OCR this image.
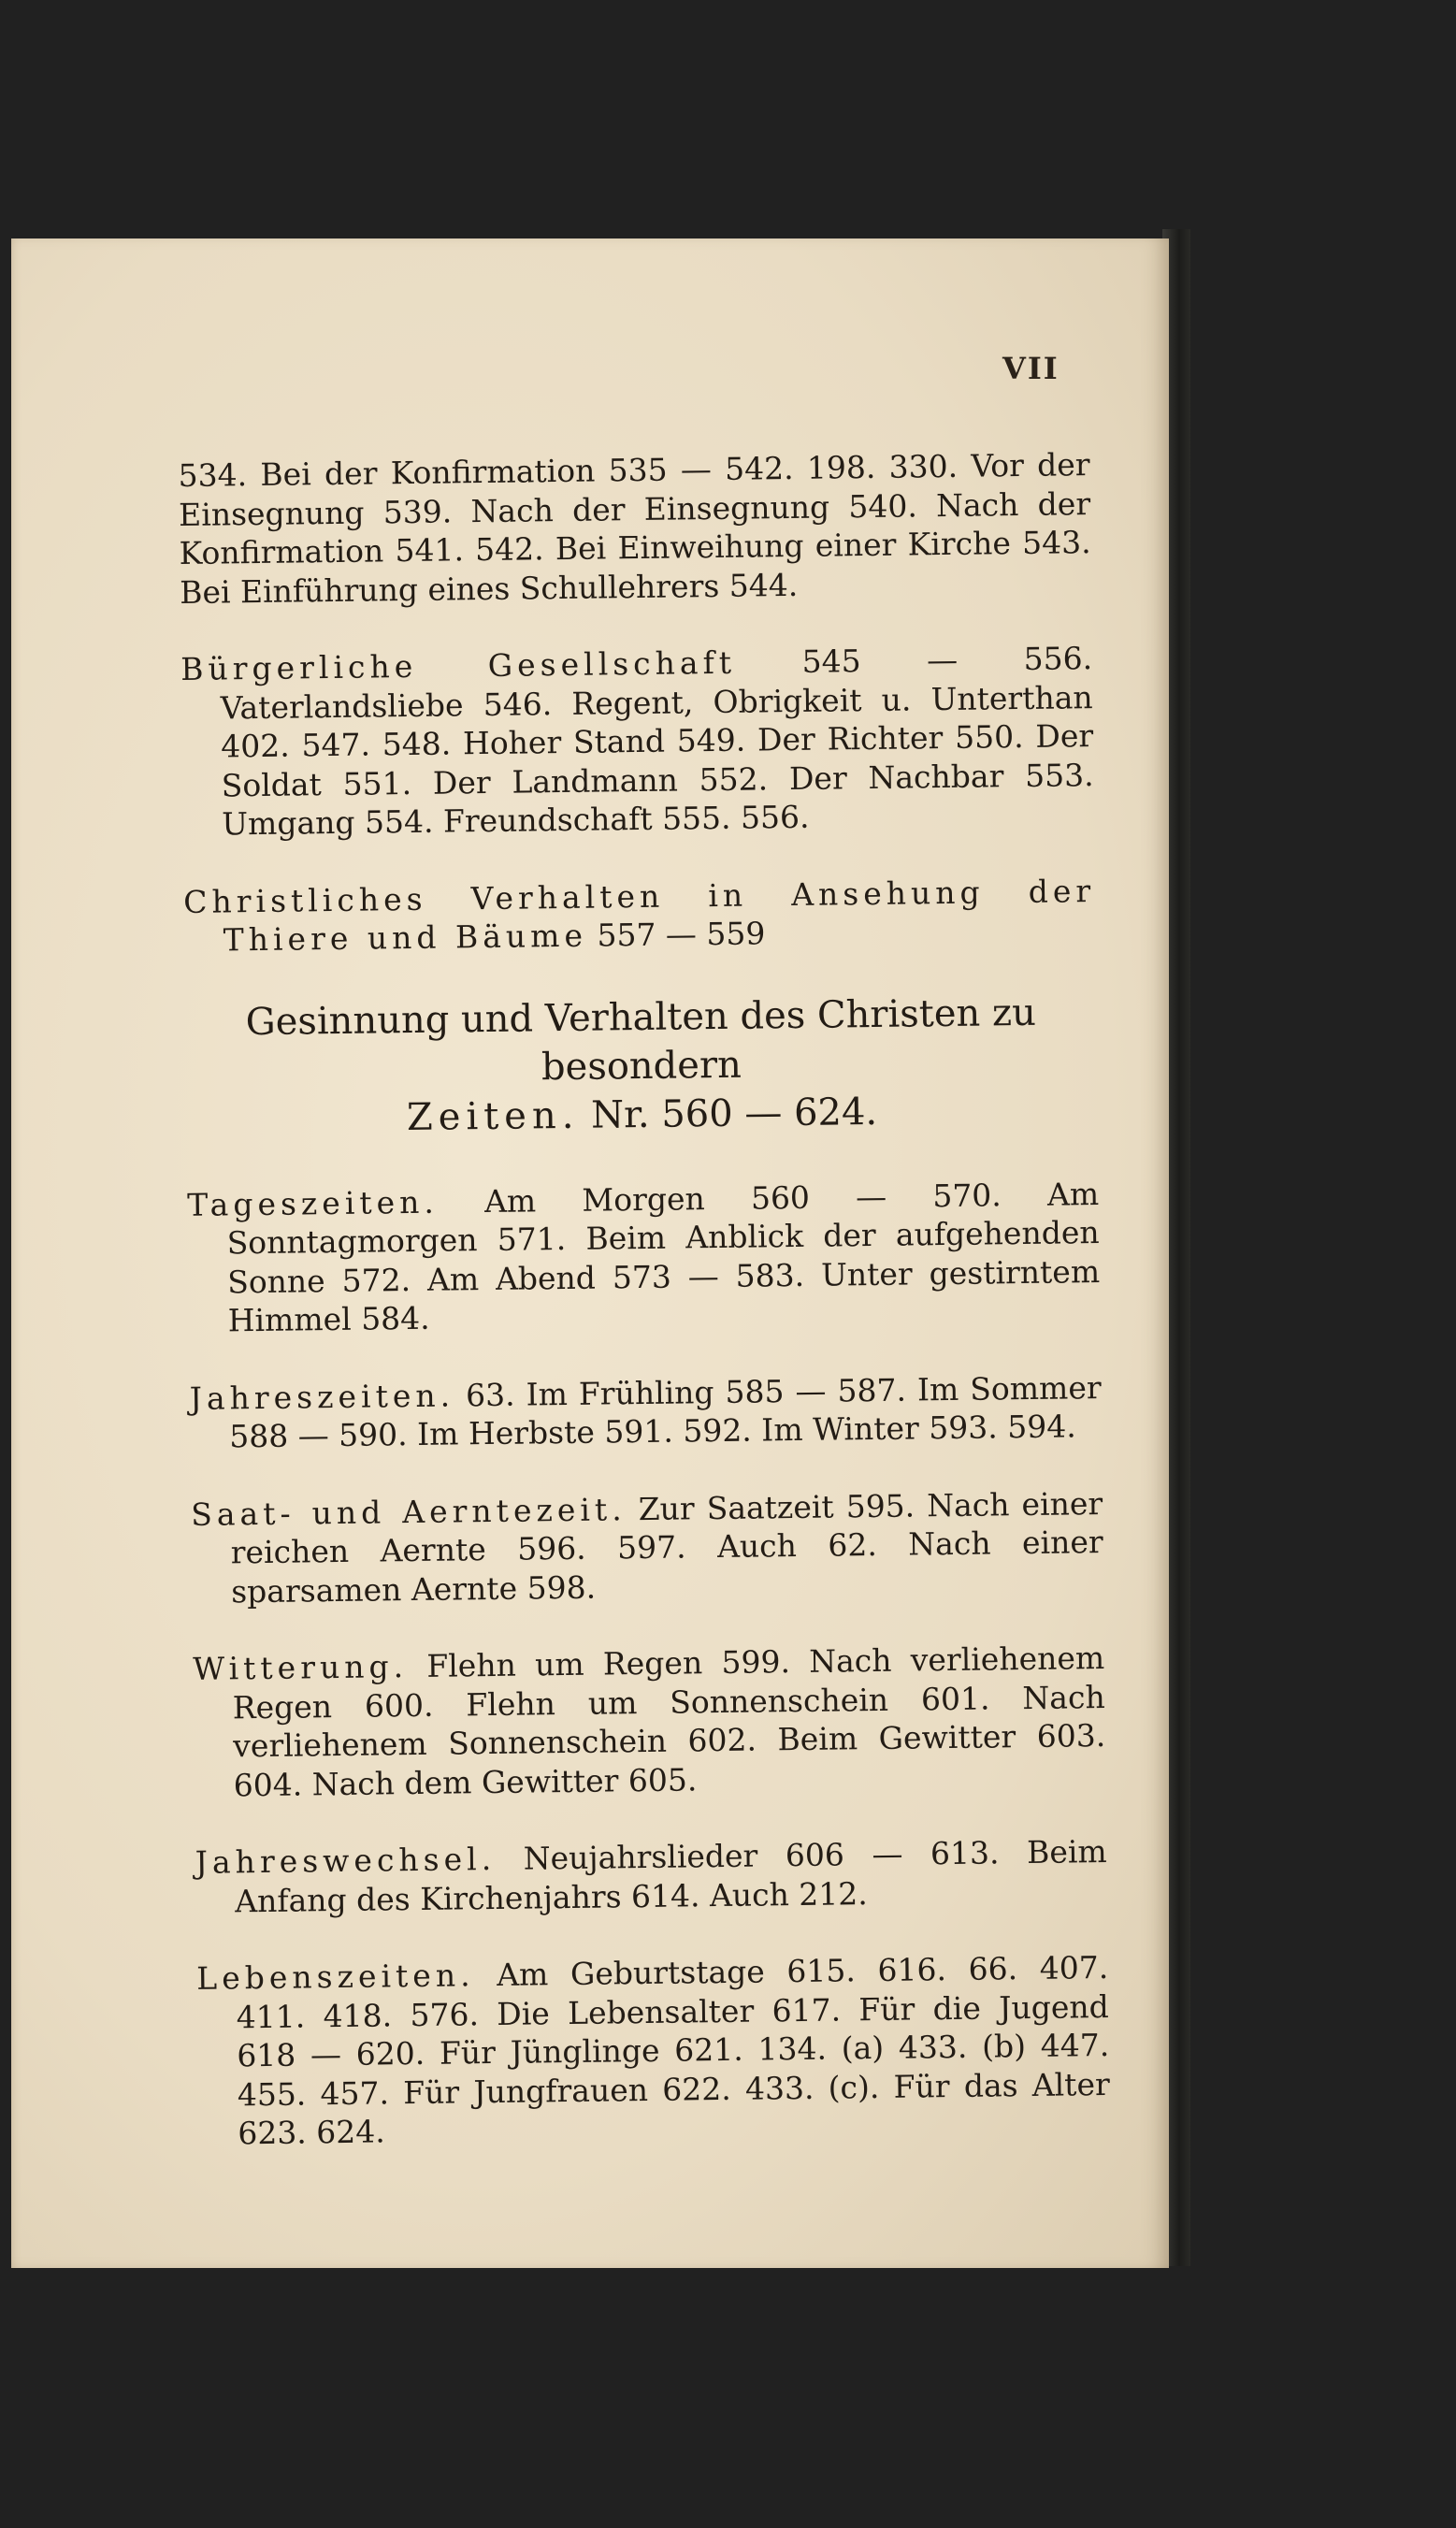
VII

534. Bei der Konfirmation 535 — 542. 198. 330. Vor der Einsegnung 539. Nach der Einsegnung 540. Nach der Konfirmation 541. 542. Bei Einweihung einer Kirche 543. Bei Einführung eines Schullehrers 544.

Bürgerliche Gesellschaft 545 — 556. Vaterlandsliebe 546. Regent, Obrigkeit u. Unterthan 402. 547. 548. Hoher Stand 549. Der Richter 550. Der Soldat 551. Der Landmann 552. Der Nachbar 553. Umgang 554. Freundschaft 555. 556.

Christliches Verhalten in Ansehung der Thiere und Bäume 557 — 559

Gesinnung und Verhalten des Christen zu besondern
Zeiten. Nr. 560 — 624.

Tageszeiten. Am Morgen 560 — 570. Am Sonntagmorgen 571. Beim Anblick der aufgehenden Sonne 572. Am Abend 573 — 583. Unter gestirntem Himmel 584.

Jahreszeiten. 63. Im Frühling 585 — 587. Im Sommer 588 — 590. Im Herbste 591. 592. Im Winter 593. 594.

Saat- und Aerntezeit. Zur Saatzeit 595. Nach einer reichen Aernte 596. 597. Auch 62. Nach einer sparsamen Aernte 598.

Witterung. Flehn um Regen 599. Nach verliehenem Regen 600. Flehn um Sonnenschein 601. Nach verliehenem Sonnenschein 602. Beim Gewitter 603. 604. Nach dem Gewitter 605.

Jahreswechsel. Neujahrslieder 606 — 613. Beim Anfang des Kirchenjahrs 614. Auch 212.

Lebenszeiten. Am Geburtstage 615. 616. 66. 407. 411. 418. 576. Die Lebensalter 617. Für die Jugend 618 — 620. Für Jünglinge 621. 134. (a) 433. (b) 447. 455. 457. Für Jungfrauen 622. 433. (c). Für das Alter 623. 624.
